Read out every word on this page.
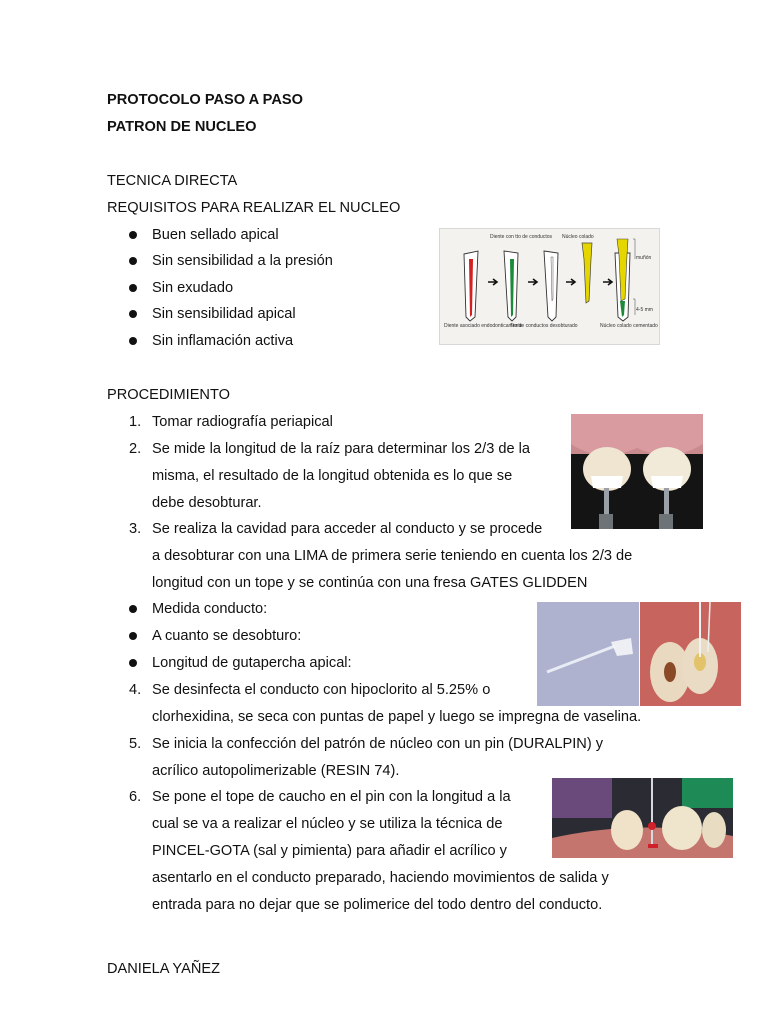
PROTOCOLO PASO A PASO
PATRON DE NUCLEO
TECNICA DIRECTA
REQUISITOS PARA REALIZAR EL NUCLEO
Buen sellado apical
Sin sensibilidad a la presión
Sin exudado
Sin sensibilidad apical
Sin inflamación activa
Diente con tto de conductos Núcleo colado
muñón
4-5 mm
Diente asociado endodonticamente
Tto de conductos desobturado	Núcleo colado cementado
PROCEDIMIENTO
1. Tomar radiografía periapical
2. Se mide la longitud de la raíz para determinar los 2/3 de la
misma, el resultado de la longitud obtenida es lo que se
debe desobturar.
3. Se realiza la cavidad para acceder al conducto y se procede
a desobturar con una LIMA de primera serie teniendo en cuenta los 2/3 de
longitud con un tope y se continúa con una fresa GATES GLIDDEN
Medida conducto:
A cuanto se desobturo:
Longitud de gutapercha apical:
4. Se desinfecta el conducto con hipoclorito al 5.25% o
clorhexidina, se seca con puntas de papel y luego se impregna de vaselina.
5. Se inicia la confección del patrón de núcleo con un pin (DURALPIN) y
acrílico autopolimerizable (RESIN 74).
6. Se pone el tope de caucho en el pin con la longitud a la
cual se va a realizar el núcleo y se utiliza la técnica de
PINCEL-GOTA (sal y pimienta) para añadir el acrílico y
asentarlo en el conducto preparado, haciendo movimientos de salida y
entrada para no dejar que se polimerice del todo dentro del conducto.
DANIELA YAÑEZ
